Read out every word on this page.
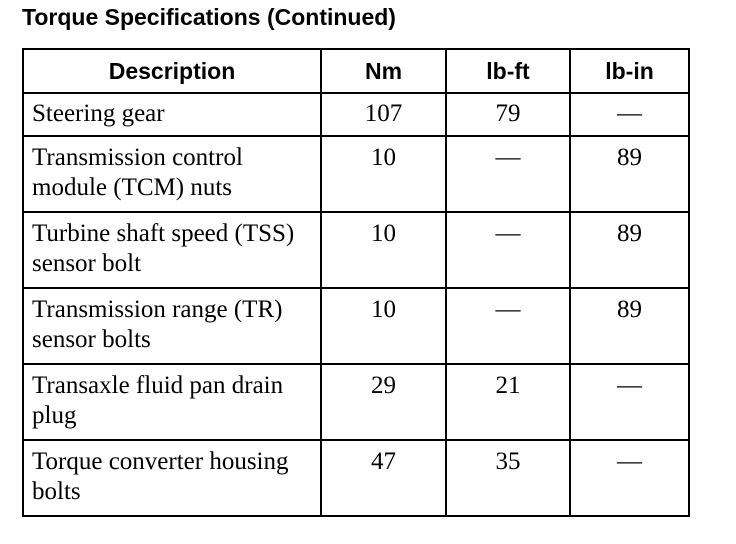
Torque Specifications (Continued)
Description	Nm	lb-ft	lb-in
Steering gear	107	79	—
Transmission control module (TCM) nuts	10	—	89
Turbine shaft speed (TSS) sensor bolt	10	—	89
Transmission range (TR) sensor bolts	10	—	89
Transaxle fluid pan drain plug	29	21	—
Torque converter housing bolts	47	35	—
